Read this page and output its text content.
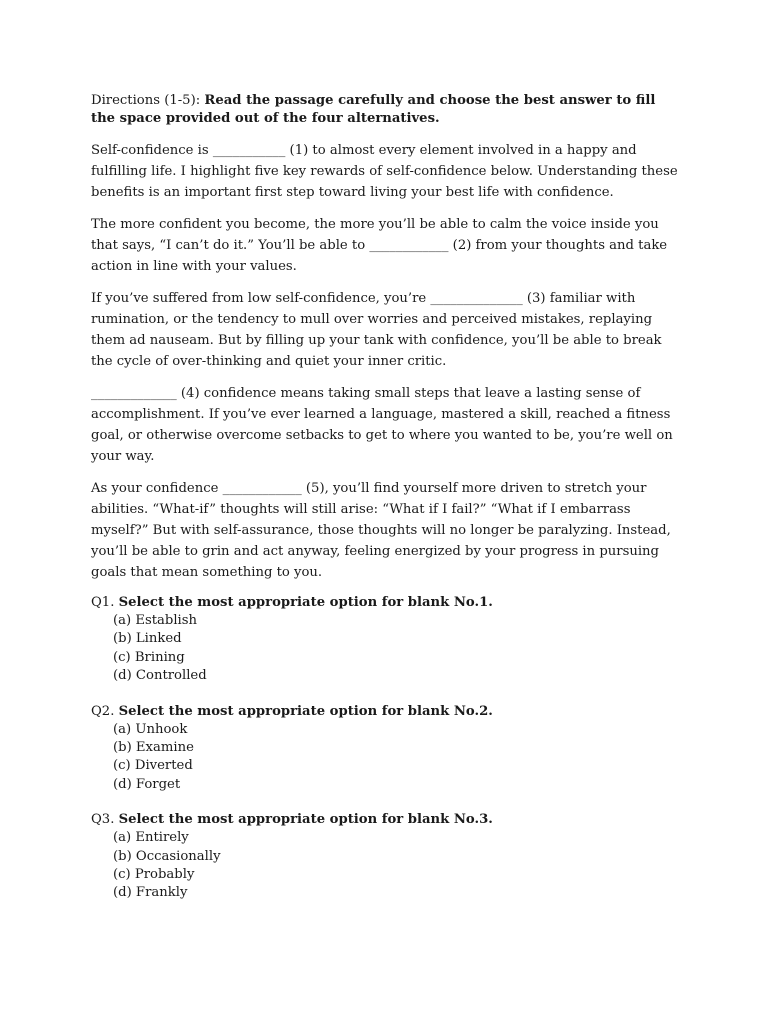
Directions (1-5): Read the passage carefully and choose the best answer to fill the space provided out of the four alternatives.

Self-confidence is ___________ (1) to almost every element involved in a happy and fulfilling life. I highlight five key rewards of self-confidence below. Understanding these benefits is an important first step toward living your best life with confidence.

The more confident you become, the more you’ll be able to calm the voice inside you that says, “I can’t do it.” You’ll be able to ____________ (2) from your thoughts and take action in line with your values.

If you’ve suffered from low self-confidence, you’re ______________ (3) familiar with rumination, or the tendency to mull over worries and perceived mistakes, replaying them ad nauseam. But by filling up your tank with confidence, you’ll be able to break the cycle of over-thinking and quiet your inner critic.

_____________ (4) confidence means taking small steps that leave a lasting sense of accomplishment. If you’ve ever learned a language, mastered a skill, reached a fitness goal, or otherwise overcome setbacks to get to where you wanted to be, you’re well on your way.

As your confidence ____________ (5), you’ll find yourself more driven to stretch your abilities. “What-if” thoughts will still arise: “What if I fail?” “What if I embarrass myself?” But with self-assurance, those thoughts will no longer be paralyzing. Instead, you’ll be able to grin and act anyway, feeling energized by your progress in pursuing goals that mean something to you.

Q1. Select the most appropriate option for blank No.1.

(a) Establish
(b) Linked
(c) Brining
(d) Controlled

Q2. Select the most appropriate option for blank No.2.

(a) Unhook
(b) Examine
(c) Diverted
(d) Forget

Q3. Select the most appropriate option for blank No.3.

(a) Entirely
(b) Occasionally
(c) Probably
(d) Frankly
